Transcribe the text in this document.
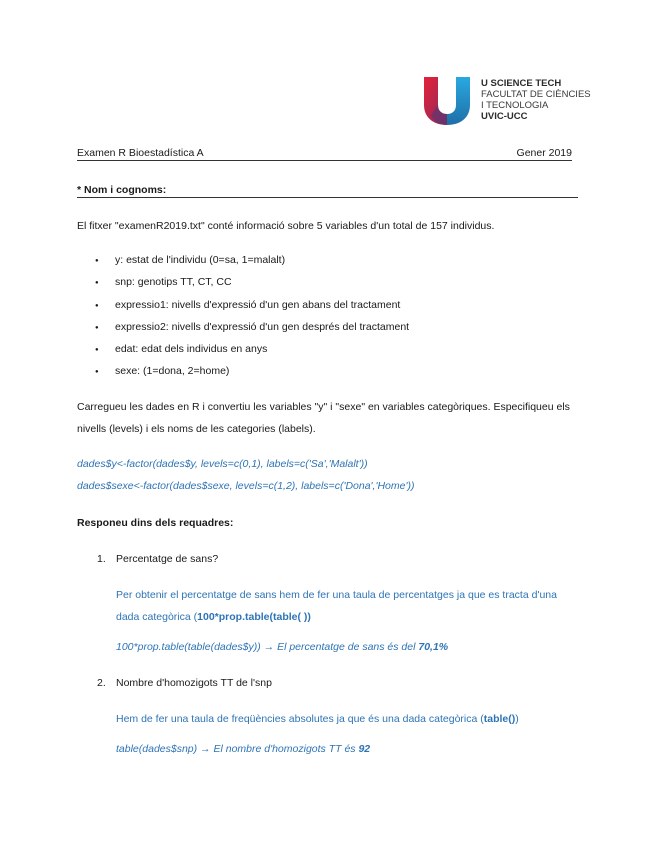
U SCIENCE TECH
FACULTAT DE CIÈNCIES
I TECNOLOGIA
UVIC-UCC
Examen R Bioestadística A	Gener 2019
* Nom i cognoms:
El fitxer "examenR2019.txt" conté informació sobre 5 variables d'un total de 157 individus.
● y: estat de l'individu (0=sa, 1=malalt)
● snp: genotips TT, CT, CC
● expressio1: nivells d'expressió d'un gen abans del tractament
● expressio2: nivells d'expressió d'un gen després del tractament
● edat: edat dels individus en anys
● sexe: (1=dona, 2=home)
Carregueu les dades en R i convertiu les variables "y" i "sexe" en variables categòriques. Especifiqueu els nivells (levels) i els noms de les categories (labels).
dades$y<-factor(dades$y, levels=c(0,1), labels=c('Sa','Malalt'))
dades$sexe<-factor(dades$sexe, levels=c(1,2), labels=c('Dona','Home'))
Responeu dins dels requadres:
1. Percentatge de sans?
Per obtenir el percentatge de sans hem de fer una taula de percentatges ja que es tracta d'una dada categòrica (100*prop.table(table( ))
100*prop.table(table(dades$y)) → El percentatge de sans és del 70,1%
2. Nombre d'homozigots TT de l'snp
Hem de fer una taula de freqüències absolutes ja que és una dada categòrica (table())
table(dades$snp) → El nombre d'homozigots TT és 92
